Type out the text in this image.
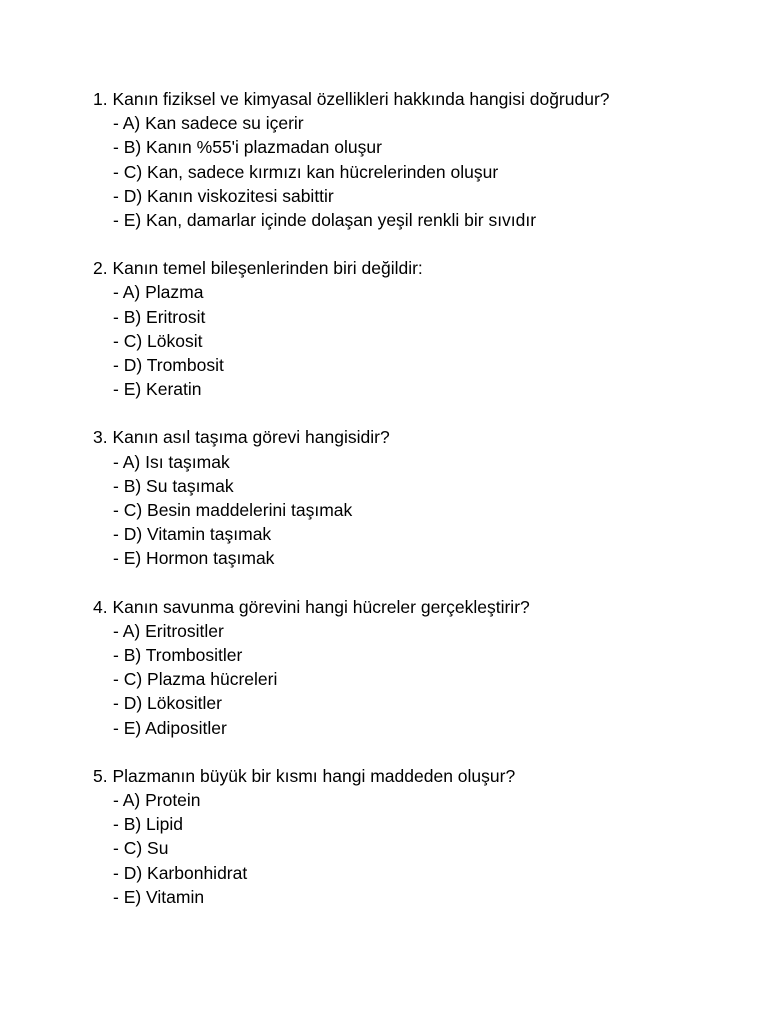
1. Kanın fiziksel ve kimyasal özellikleri hakkında hangisi doğrudur?
- A) Kan sadece su içerir
- B) Kanın %55'i plazmadan oluşur
- C) Kan, sadece kırmızı kan hücrelerinden oluşur
- D) Kanın viskozitesi sabittir
- E) Kan, damarlar içinde dolaşan yeşil renkli bir sıvıdır
2. Kanın temel bileşenlerinden biri değildir:
- A) Plazma
- B) Eritrosit
- C) Lökosit
- D) Trombosit
- E) Keratin
3. Kanın asıl taşıma görevi hangisidir?
- A) Isı taşımak
- B) Su taşımak
- C) Besin maddelerini taşımak
- D) Vitamin taşımak
- E) Hormon taşımak
4. Kanın savunma görevini hangi hücreler gerçekleştirir?
- A) Eritrositler
- B) Trombositler
- C) Plazma hücreleri
- D) Lökositler
- E) Adipositler
5. Plazmanın büyük bir kısmı hangi maddeden oluşur?
- A) Protein
- B) Lipid
- C) Su
- D) Karbonhidrat
- E) Vitamin
